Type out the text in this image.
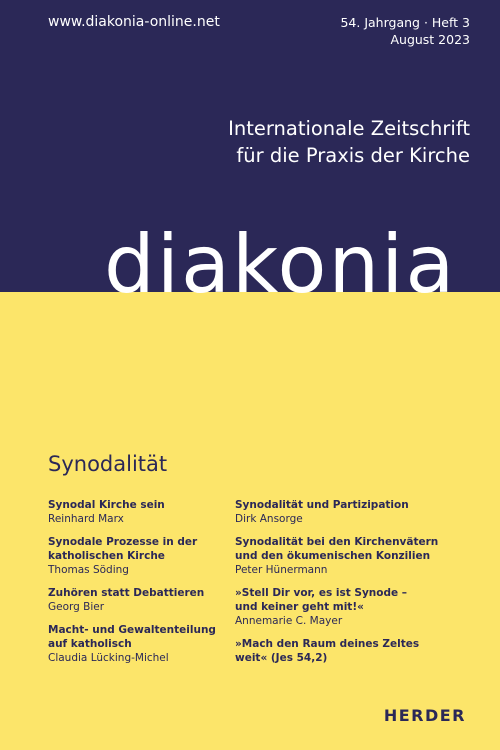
www.diakonia-online.net	54. Jahrgang · Heft 3
August 2023
Internationale Zeitschrift
für die Praxis der Kirche
diakonia
Synodalität
Synodal Kirche sein
Reinhard Marx
Synodale Prozesse in der
katholischen Kirche
Thomas Söding
Zuhören statt Debattieren
Georg Bier
Macht- und Gewaltenteilung
auf katholisch
Claudia Lücking-Michel
Synodalität und Partizipation
Dirk Ansorge
Synodalität bei den Kirchenvätern
und den ökumenischen Konzilien
Peter Hünermann
»Stell Dir vor, es ist Synode –
und keiner geht mit!«
Annemarie C. Mayer
»Mach den Raum deines Zeltes
weit« (Jes 54,2)
HERDER
